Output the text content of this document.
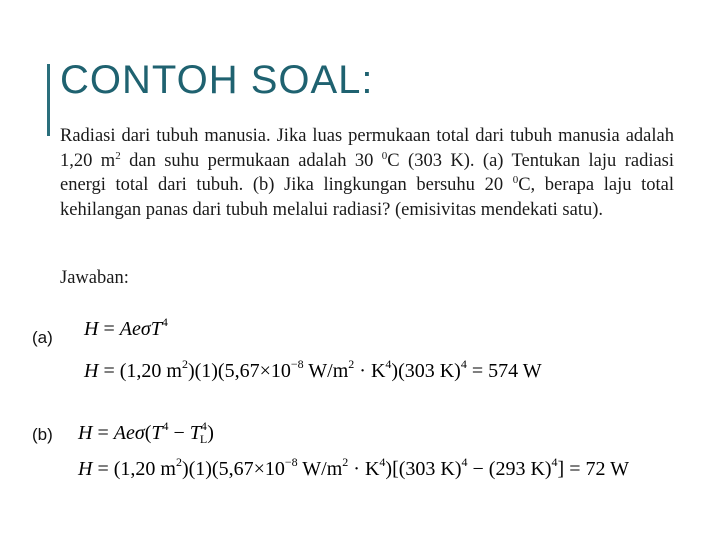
CONTOH SOAL:
Radiasi dari tubuh manusia. Jika luas permukaan total dari tubuh manusia adalah 1,20 $m^2$ dan suhu permukaan adalah 30 $^0$C (303 K). (a) Tentukan laju radiasi energi total dari tubuh. (b) Jika lingkungan bersuhu 20 $^0$C, berapa laju total kehilangan panas dari tubuh melalui radiasi? (emisivitas mendekati satu).
Jawaban:
(a) H = AeσT$^4$
H = (1,20 $m^2)(1)(5,67\times 10^{-8}$ $W/m^2 \cdot K^4)(303$ K)$^4$ = 574 W
(b) $H = Ae\sigma(T^4 - T^4_L)$
H = (1,20 $m^2)(1)(5,67\times 10^{-8}$ $W/m^2 \cdot K^4)[(303$ K)$^4$ − (293 K)$^4$] = 72 W
